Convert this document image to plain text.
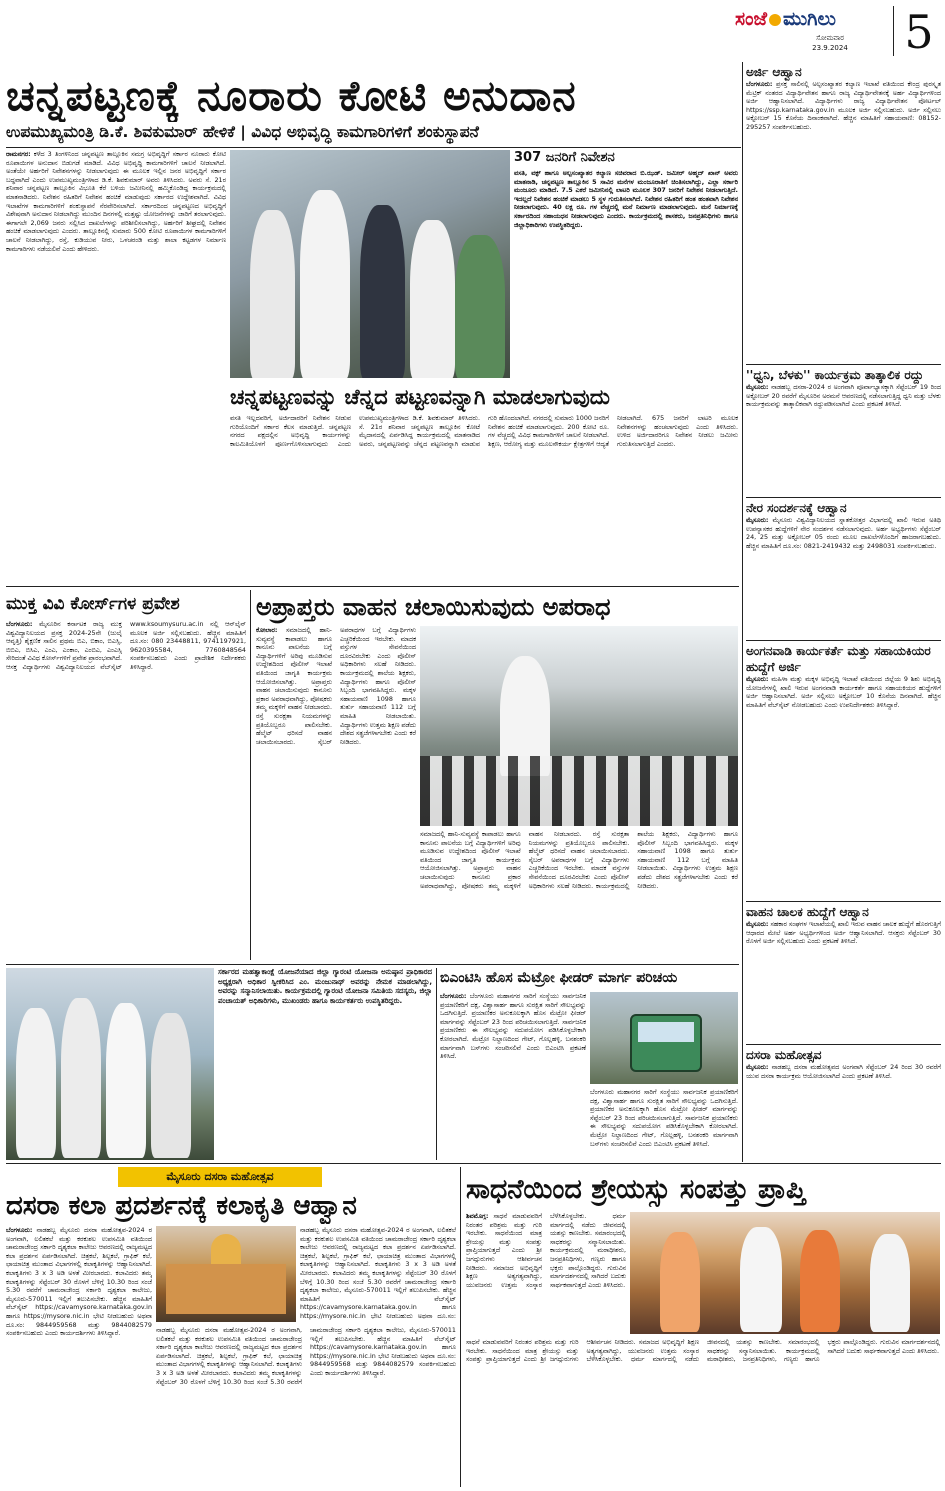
ಸಂಜೆ ಮುಗಿಲು
ಸೋಮವಾರ
23.9.2024	5
ಚನ್ನಪಟ್ಟಣಕ್ಕೆ ನೂರಾರು ಕೋಟಿ ಅನುದಾನ
ಉಪಮುಖ್ಯಮಂತ್ರಿ ಡಿ.ಕೆ. ಶಿವಕುಮಾರ್ ಹೇಳಿಕೆ | ವಿವಿಧ ಅಭಿವೃದ್ಧಿ ಕಾಮಗಾರಿಗಳಿಗೆ ಶಂಕುಸ್ಥಾಪನೆ
ರಾಮನಗರ: ಕಳೆದ 3 ತಿಂಗಳಿನಿಂದ ಚನ್ನಪಟ್ಟಣ ತಾಲ್ಲೂಕಿನ ಸಮಗ್ರ ಅಭಿವೃದ್ಧಿಗೆ ಸರ್ಕಾರ ನೂರಾರು ಕೋಟಿ ರೂಪಾಯಿಗಳ ಅನುದಾನ ಬಿಡುಗಡೆ ಮಾಡಿದೆ. ವಿವಿಧ ಅಭಿವೃದ್ಧಿ ಕಾಮಗಾರಿಗಳಿಗೆ ಚಾಲನೆ ನೀಡಲಾಗಿದೆ. ಅಂತೆಯೇ ಅರ್ಹರಿಗೆ ನಿವೇಶನಗಳನ್ನು ನೀಡಲಾಗುವುದು ಈ ಮೂಲಕ ಇಲ್ಲಿನ ಜನರ ಅಭಿವೃದ್ಧಿಗೆ ಸರ್ಕಾರ ಬದ್ಧವಾಗಿದೆ ಎಂದು ಉಪಮುಖ್ಯಮಂತ್ರಿಗಳಾದ ಡಿ.ಕೆ. ಶಿವಕುಮಾರ್ ಅವರು ತಿಳಿಸಿದರು. ಅವರು ಸೆ. 21ರ ಶನಿವಾರ ಚನ್ನಪಟ್ಟಣ ತಾಲ್ಲೂಕಿನ ವಿಭೂತಿ ಕೆರೆ ಬಳಿಯ ಜಮೀನಿನಲ್ಲಿ ಹಮ್ಮಿಕೊಂಡಿದ್ದ ಕಾರ್ಯಕ್ರಮದಲ್ಲಿ ಮಾತನಾಡಿದರು. ನಿವೇಶನ ರಹಿತರಿಗೆ ನಿವೇಶನ ಹಂಚಿಕೆ ಮಾಡುವುದು ಸರ್ಕಾರದ ಉದ್ದೇಶವಾಗಿದೆ. ವಿವಿಧ ಇಲಾಖೆಗಳ ಕಾಮಗಾರಿಗಳಿಗೆ ಶಂಕುಸ್ಥಾಪನೆ ನೆರವೇರಿಸಲಾಗಿದೆ. ಸರ್ಕಾರದಿಂದ ಚನ್ನಪಟ್ಟಣದ ಅಭಿವೃದ್ಧಿಗೆ ವಿಶೇಷವಾಗಿ ಅನುದಾನ ನೀಡಲಾಗಿದ್ದು ಮುಂದಿನ ದಿನಗಳಲ್ಲಿ ಮತ್ತಷ್ಟು ಯೋಜನೆಗಳನ್ನು ಜಾರಿಗೆ ತರಲಾಗುವುದು. ಈಗಾಗಲೇ 2,069 ಜನರು ಸಲ್ಲಿಸಿದ ದಾಖಲೆಗಳನ್ನು ಪರಿಶೀಲಿಸಲಾಗಿದ್ದು, ಅರ್ಹರಿಗೆ ಶೀಘ್ರದಲ್ಲಿ ನಿವೇಶನ ಹಂಚಿಕೆ ಮಾಡಲಾಗುವುದು ಎಂದರು. ತಾಲ್ಲೂಕಿನಲ್ಲಿ ಸುಮಾರು 500 ಕೋಟಿ ರೂಪಾಯಿಗಳ ಕಾಮಗಾರಿಗಳಿಗೆ ಚಾಲನೆ ನೀಡಲಾಗಿದ್ದು, ರಸ್ತೆ, ಕುಡಿಯುವ ನೀರು, ಒಳಚರಂಡಿ ಮತ್ತು ಶಾಲಾ ಕಟ್ಟಡಗಳ ನಿರ್ಮಾಣ ಕಾಮಗಾರಿಗಳು ನಡೆಯಲಿವೆ ಎಂದು ಹೇಳಿದರು.
307 ಜನರಿಗೆ ನಿವೇಶನ
ವಸತಿ, ವಕ್ಫ್ ಹಾಗೂ ಅಲ್ಪಸಂಖ್ಯಾತರ ಕಲ್ಯಾಣ ಸಚಿವರಾದ ಬಿ.ಝಡ್. ಜಮೀರ್ ಅಹ್ಮದ್ ಖಾನ್ ಅವರು ಮಾತನಾಡಿ, ಚನ್ನಪಟ್ಟಣ ತಾಲ್ಲೂಕಿನ 5 ಸಾವಿರ ಮನೆಗಳ ಮಂಜೂರಾತಿಗೆ ಚಿಂತಿಸಲಾಗಿದ್ದು, ಎಲ್ಲಾ ಸರ್ಕಾರಿ ಮಂಜೂರು ಮಾಡಿದೆ. 7.5 ಎಕರೆ ಜಮೀನಿನಲ್ಲಿ ಲಾಟರಿ ಮೂಲಕ 307 ಜನರಿಗೆ ನಿವೇಶನ ನೀಡಲಾಗುತ್ತಿದೆ. ಇದಲ್ಲದೆ ನಿವೇಶನ ಹಂಚಿಕೆ ಮಾಡಲು 5 ಸ್ಥಳ ಗುರುತಿಸಲಾಗಿದೆ. ನಿವೇಶನ ರಹಿತರಿಗೆ ಹಂತ ಹಂತವಾಗಿ ನಿವೇಶನ ನೀಡಲಾಗುವುದು. 40 ಲಕ್ಷ ರೂ. ಗಳ ವೆಚ್ಚದಲ್ಲಿ ಮನೆ ನಿರ್ಮಾಣ ಮಾಡಲಾಗುವುದು. ಮನೆ ನಿರ್ಮಾಣಕ್ಕೆ ಸರ್ಕಾರದಿಂದ ಸಹಾಯಧನ ನೀಡಲಾಗುವುದು ಎಂದರು. ಕಾರ್ಯಕ್ರಮದಲ್ಲಿ ಶಾಸಕರು, ಜನಪ್ರತಿನಿಧಿಗಳು ಹಾಗೂ ಜಿಲ್ಲಾಧಿಕಾರಿಗಳು ಉಪಸ್ಥಿತರಿದ್ದರು.
ಚನ್ನಪಟ್ಟಣವನ್ನು ಚೆನ್ನದ ಪಟ್ಟಣವನ್ನಾಗಿ ಮಾಡಲಾಗುವುದು
ವಸತಿ ಇಲ್ಲದವರಿಗೆ, ಅರ್ಜಿದಾರರಿಗೆ ನಿವೇಶನ ನೀಡುವ ಗುರಿಯೊಂದಿಗೆ ಸರ್ಕಾರ ಕೆಲಸ ಮಾಡುತ್ತಿದೆ. ಚನ್ನಪಟ್ಟಣ ನಗರದ ಪಕ್ಷದಲ್ಲಿನ ಅಭಿವೃದ್ಧಿ ಕಾರ್ಯಗಳನ್ನು ಕಾಲಮಿತಿಯೊಳಗೆ ಪೂರ್ಣಗೊಳಿಸಲಾಗುವುದು ಎಂದು ಉಪಮುಖ್ಯಮಂತ್ರಿಗಳಾದ ಡಿ.ಕೆ. ಶಿವಕುಮಾರ್ ತಿಳಿಸಿದರು. ಸೆ. 21ರ ಶನಿವಾರ ಚನ್ನಪಟ್ಟಣ ತಾಲ್ಲೂಕಿನ ಕೋಟೆ ಮೈದಾನದಲ್ಲಿ ಏರ್ಪಡಿಸಿದ್ದ ಕಾರ್ಯಕ್ರಮದಲ್ಲಿ ಮಾತನಾಡಿದ ಅವರು, ಚನ್ನಪಟ್ಟಣವನ್ನು ಚೆನ್ನದ ಪಟ್ಟಣವನ್ನಾಗಿ ಮಾಡುವ ಗುರಿ ಹೊಂದಲಾಗಿದೆ. ನಗರದಲ್ಲಿ ಸುಮಾರು 1000 ಜನರಿಗೆ ನಿವೇಶನ ಹಂಚಿಕೆ ಮಾಡಲಾಗುವುದು. 200 ಕೋಟಿ ರೂ. ಗಳ ವೆಚ್ಚದಲ್ಲಿ ವಿವಿಧ ಕಾಮಗಾರಿಗಳಿಗೆ ಚಾಲನೆ ನೀಡಲಾಗಿದೆ. ಶಿಕ್ಷಣ, ಆರೋಗ್ಯ ಮತ್ತು ಮೂಲಸೌಕರ್ಯ ಕ್ಷೇತ್ರಗಳಿಗೆ ಆದ್ಯತೆ ನೀಡಲಾಗಿದೆ. 675 ಜನರಿಗೆ ಲಾಟರಿ ಮೂಲಕ ನಿವೇಶನಗಳನ್ನು ಹಂಚಲಾಗುವುದು ಎಂದು ತಿಳಿಸಿದರು. ಉಳಿದ ಅರ್ಜಿದಾರರಿಗೂ ನಿವೇಶನ ನೀಡಲು ಜಮೀನು ಗುರುತಿಸಲಾಗುತ್ತಿದೆ ಎಂದರು.
ಅರ್ಜಿ ಆಹ್ವಾನ
ಬೆಂಗಳೂರು: ಪ್ರಸಕ್ತ ಸಾಲಿನಲ್ಲಿ ಅಲ್ಪಸಂಖ್ಯಾತರ ಕಲ್ಯಾಣ ಇಲಾಖೆ ವತಿಯಿಂದ ಕೇಂದ್ರ ಪುರಸ್ಕೃತ ಮೆಟ್ರಿಕ್ ನಂತರದ ವಿದ್ಯಾರ್ಥಿವೇತನ ಹಾಗೂ ರಾಜ್ಯ ವಿದ್ಯಾರ್ಥಿವೇತನಕ್ಕೆ ಅರ್ಹ ವಿದ್ಯಾರ್ಥಿಗಳಿಂದ ಅರ್ಜಿ ಆಹ್ವಾನಿಸಲಾಗಿದೆ. ವಿದ್ಯಾರ್ಥಿಗಳು ರಾಜ್ಯ ವಿದ್ಯಾರ್ಥಿವೇತನ ಪೋರ್ಟಲ್ https://ssp.karnataka.gov.in ಮೂಲಕ ಅರ್ಜಿ ಸಲ್ಲಿಸಬಹುದು. ಅರ್ಜಿ ಸಲ್ಲಿಸಲು ಅಕ್ಟೋಬರ್ 15 ಕೊನೆಯ ದಿನಾಂಕವಾಗಿದೆ. ಹೆಚ್ಚಿನ ಮಾಹಿತಿಗೆ ಸಹಾಯವಾಣಿ: 08152-295257 ಸಂಪರ್ಕಿಸಬಹುದು.
''ಧ್ವನಿ, ಬೆಳಕು'' ಕಾರ್ಯಕ್ರಮ ತಾತ್ಕಾಲಿಕ ರದ್ದು
ಮೈಸೂರು: ನಾಡಹಬ್ಬ ದಸರಾ-2024 ರ ಅಂಗವಾಗಿ ಪೂರ್ವಾಭ್ಯಾಸಕ್ಕಾಗಿ ಸೆಪ್ಟೆಂಬರ್ 19 ರಿಂದ ಅಕ್ಟೋಬರ್ 20 ರವರೆಗೆ ಮೈಸೂರಿನ ಅರಮನೆ ಆವರಣದಲ್ಲಿ ನಡೆಸಲಾಗುತ್ತಿದ್ದ ಧ್ವನಿ ಮತ್ತು ಬೆಳಕು ಕಾರ್ಯಕ್ರಮವನ್ನು ತಾತ್ಕಾಲಿಕವಾಗಿ ರದ್ದುಪಡಿಸಲಾಗಿದೆ ಎಂದು ಪ್ರಕಟಣೆ ತಿಳಿಸಿದೆ.
ನೇರ ಸಂದರ್ಶನಕ್ಕೆ ಆಹ್ವಾನ
ಮೈಸೂರು: ಮೈಸೂರು ವಿಶ್ವವಿದ್ಯಾನಿಲಯದ ಸ್ನಾತಕೋತ್ತರ ವಿಭಾಗದಲ್ಲಿ ಖಾಲಿ ಇರುವ ಅತಿಥಿ ಉಪನ್ಯಾಸಕರ ಹುದ್ದೆಗಳಿಗೆ ನೇರ ಸಂದರ್ಶನ ನಡೆಸಲಾಗುವುದು. ಅರ್ಹ ಅಭ್ಯರ್ಥಿಗಳು ಸೆಪ್ಟೆಂಬರ್ 24, 25 ಮತ್ತು ಅಕ್ಟೋಬರ್ 05 ರಂದು ಮೂಲ ದಾಖಲೆಗಳೊಂದಿಗೆ ಹಾಜರಾಗಬಹುದು. ಹೆಚ್ಚಿನ ಮಾಹಿತಿಗೆ ದೂ.ಸಂ: 0821-2419432 ಮತ್ತು 2498031 ಸಂಪರ್ಕಿಸಬಹುದು.
ಅಂಗನವಾಡಿ ಕಾರ್ಯಕರ್ತೆ ಮತ್ತು ಸಹಾಯಕಿಯರ ಹುದ್ದೆಗೆ ಅರ್ಜಿ
ಮೈಸೂರು: ಮಹಿಳಾ ಮತ್ತು ಮಕ್ಕಳ ಅಭಿವೃದ್ಧಿ ಇಲಾಖೆ ವತಿಯಿಂದ ಜಿಲ್ಲೆಯ 9 ಶಿಶು ಅಭಿವೃದ್ಧಿ ಯೋಜನೆಗಳಲ್ಲಿ ಖಾಲಿ ಇರುವ ಅಂಗನವಾಡಿ ಕಾರ್ಯಕರ್ತೆ ಹಾಗೂ ಸಹಾಯಕಿಯರ ಹುದ್ದೆಗಳಿಗೆ ಅರ್ಜಿ ಆಹ್ವಾನಿಸಲಾಗಿದೆ. ಅರ್ಜಿ ಸಲ್ಲಿಸಲು ಅಕ್ಟೋಬರ್ 10 ಕೊನೆಯ ದಿನವಾಗಿದೆ. ಹೆಚ್ಚಿನ ಮಾಹಿತಿಗೆ ವೆಬ್‌ಸೈಟ್ ನೋಡಬಹುದು ಎಂದು ಉಪನಿರ್ದೇಶಕರು ತಿಳಿಸಿದ್ದಾರೆ.
ವಾಹನ ಚಾಲಕ ಹುದ್ದೆಗೆ ಆಹ್ವಾನ
ಮೈಸೂರು: ಸಹಕಾರ ಸಂಘಗಳ ಇಲಾಖೆಯಲ್ಲಿ ಖಾಲಿ ಇರುವ ವಾಹನ ಚಾಲಕ ಹುದ್ದೆಗೆ ಹೊರಗುತ್ತಿಗೆ ಆಧಾರದ ಮೇಲೆ ಅರ್ಹ ಅಭ್ಯರ್ಥಿಗಳಿಂದ ಅರ್ಜಿ ಆಹ್ವಾನಿಸಲಾಗಿದೆ. ಆಸಕ್ತರು ಸೆಪ್ಟೆಂಬರ್ 30 ರೊಳಗೆ ಅರ್ಜಿ ಸಲ್ಲಿಸಬಹುದು ಎಂದು ಪ್ರಕಟಣೆ ತಿಳಿಸಿದೆ.
ದಸರಾ ಮಹೋತ್ಸವ
ಮೈಸೂರು: ನಾಡಹಬ್ಬ ದಸರಾ ಮಹೋತ್ಸವದ ಅಂಗವಾಗಿ ಸೆಪ್ಟೆಂಬರ್ 24 ರಿಂದ 30 ರವರೆಗೆ ಯುವ ದಸರಾ ಕಾರ್ಯಕ್ರಮ ಆಯೋಜಿಸಲಾಗಿದೆ ಎಂದು ಪ್ರಕಟಣೆ ತಿಳಿಸಿದೆ.
ಮುಕ್ತ ವಿವಿ ಕೋರ್ಸ್‌ಗಳ ಪ್ರವೇಶ
ಬೆಂಗಳೂರು: ಮೈಸೂರಿನ ಕರ್ನಾಟಕ ರಾಜ್ಯ ಮುಕ್ತ ವಿಶ್ವವಿದ್ಯಾನಿಲಯದ ಪ್ರಸಕ್ತ 2024-25ನೇ (ಜುಲೈ ಆವೃತ್ತಿ) ಶೈಕ್ಷಣಿಕ ಸಾಲಿನ ಪ್ರಥಮ ಬಿಎ, ಬಿಕಾಂ, ಬಿಎಸ್ಸಿ, ಬಿಬಿಎ, ಬಿಸಿಎ, ಎಂಎ, ಎಂಕಾಂ, ಎಂಬಿಎ, ಎಂಎಸ್ಸಿ ಸೇರಿದಂತೆ ವಿವಿಧ ಕೋರ್ಸ್‌ಗಳಿಗೆ ಪ್ರವೇಶ ಪ್ರಾರಂಭವಾಗಿದೆ. ಆಸಕ್ತ ವಿದ್ಯಾರ್ಥಿಗಳು ವಿಶ್ವವಿದ್ಯಾನಿಲಯದ ವೆಬ್‌ಸೈಟ್ www.ksoumysuru.ac.in ನಲ್ಲಿ ಆನ್‌ಲೈನ್ ಮೂಲಕ ಅರ್ಜಿ ಸಲ್ಲಿಸಬಹುದು. ಹೆಚ್ಚಿನ ಮಾಹಿತಿಗೆ ದೂ.ಸಂ: 080 23448811, 9741197921, 9620395584, 7760848564 ಸಂಪರ್ಕಿಸಬಹುದು ಎಂದು ಪ್ರಾದೇಶಿಕ ನಿರ್ದೇಶಕರು ತಿಳಿಸಿದ್ದಾರೆ.
ಅಪ್ರಾಪ್ತರು ವಾಹನ ಚಲಾಯಿಸುವುದು ಅಪರಾಧ
ಕೋಲಾರ: ಸಮಾಜದಲ್ಲಿ ಹಾನಿ-ಸುವ್ಯವಸ್ಥೆ ಕಾಪಾಡಲು ಹಾಗೂ ಕಾನೂನು ಪಾಲನೆಯ ಬಗ್ಗೆ ವಿದ್ಯಾರ್ಥಿಗಳಿಗೆ ಅರಿವು ಮೂಡಿಸುವ ಉದ್ದೇಶದಿಂದ ಪೊಲೀಸ್ ಇಲಾಖೆ ವತಿಯಿಂದ ಜಾಗೃತಿ ಕಾರ್ಯಕ್ರಮ ಆಯೋಜಿಸಲಾಗಿತ್ತು. ಅಪ್ರಾಪ್ತರು ವಾಹನ ಚಲಾಯಿಸುವುದು ಕಾನೂನು ಪ್ರಕಾರ ಅಪರಾಧವಾಗಿದ್ದು, ಪೋಷಕರು ತಮ್ಮ ಮಕ್ಕಳಿಗೆ ವಾಹನ ನೀಡಬಾರದು. ರಸ್ತೆ ಸುರಕ್ಷತಾ ನಿಯಮಗಳನ್ನು ಪ್ರತಿಯೊಬ್ಬರೂ ಪಾಲಿಸಬೇಕು. ಹೆಲ್ಮೆಟ್ ಧರಿಸದೆ ವಾಹನ ಚಲಾಯಿಸಬಾರದು. ಸೈಬರ್ ಅಪರಾಧಗಳ ಬಗ್ಗೆ ವಿದ್ಯಾರ್ಥಿಗಳು ಎಚ್ಚರಿಕೆಯಿಂದ ಇರಬೇಕು. ಮಾದಕ ವಸ್ತುಗಳ ಸೇವನೆಯಿಂದ ದೂರವಿರಬೇಕು ಎಂದು ಪೊಲೀಸ್ ಅಧಿಕಾರಿಗಳು ಸಲಹೆ ನೀಡಿದರು. ಕಾರ್ಯಕ್ರಮದಲ್ಲಿ ಶಾಲೆಯ ಶಿಕ್ಷಕರು, ವಿದ್ಯಾರ್ಥಿಗಳು ಹಾಗೂ ಪೊಲೀಸ್ ಸಿಬ್ಬಂದಿ ಭಾಗವಹಿಸಿದ್ದರು. ಮಕ್ಕಳ ಸಹಾಯವಾಣಿ 1098 ಹಾಗೂ ತುರ್ತು ಸಹಾಯವಾಣಿ 112 ಬಗ್ಗೆ ಮಾಹಿತಿ ನೀಡಲಾಯಿತು. ವಿದ್ಯಾರ್ಥಿಗಳು ಉತ್ತಮ ಶಿಕ್ಷಣ ಪಡೆದು ದೇಶದ ಸತ್ಪ್ರಜೆಗಳಾಗಬೇಕು ಎಂದು ಕರೆ ನೀಡಿದರು.
ಸಮಾಜದಲ್ಲಿ ಹಾನಿ-ಸುವ್ಯವಸ್ಥೆ ಕಾಪಾಡಲು ಹಾಗೂ ಕಾನೂನು ಪಾಲನೆಯ ಬಗ್ಗೆ ವಿದ್ಯಾರ್ಥಿಗಳಿಗೆ ಅರಿವು ಮೂಡಿಸುವ ಉದ್ದೇಶದಿಂದ ಪೊಲೀಸ್ ಇಲಾಖೆ ವತಿಯಿಂದ ಜಾಗೃತಿ ಕಾರ್ಯಕ್ರಮ ಆಯೋಜಿಸಲಾಗಿತ್ತು. ಅಪ್ರಾಪ್ತರು ವಾಹನ ಚಲಾಯಿಸುವುದು ಕಾನೂನು ಪ್ರಕಾರ ಅಪರಾಧವಾಗಿದ್ದು, ಪೋಷಕರು ತಮ್ಮ ಮಕ್ಕಳಿಗೆ ವಾಹನ ನೀಡಬಾರದು. ರಸ್ತೆ ಸುರಕ್ಷತಾ ನಿಯಮಗಳನ್ನು ಪ್ರತಿಯೊಬ್ಬರೂ ಪಾಲಿಸಬೇಕು. ಹೆಲ್ಮೆಟ್ ಧರಿಸದೆ ವಾಹನ ಚಲಾಯಿಸಬಾರದು. ಸೈಬರ್ ಅಪರಾಧಗಳ ಬಗ್ಗೆ ವಿದ್ಯಾರ್ಥಿಗಳು ಎಚ್ಚರಿಕೆಯಿಂದ ಇರಬೇಕು. ಮಾದಕ ವಸ್ತುಗಳ ಸೇವನೆಯಿಂದ ದೂರವಿರಬೇಕು ಎಂದು ಪೊಲೀಸ್ ಅಧಿಕಾರಿಗಳು ಸಲಹೆ ನೀಡಿದರು. ಕಾರ್ಯಕ್ರಮದಲ್ಲಿ ಶಾಲೆಯ ಶಿಕ್ಷಕರು, ವಿದ್ಯಾರ್ಥಿಗಳು ಹಾಗೂ ಪೊಲೀಸ್ ಸಿಬ್ಬಂದಿ ಭಾಗವಹಿಸಿದ್ದರು. ಮಕ್ಕಳ ಸಹಾಯವಾಣಿ 1098 ಹಾಗೂ ತುರ್ತು ಸಹಾಯವಾಣಿ 112 ಬಗ್ಗೆ ಮಾಹಿತಿ ನೀಡಲಾಯಿತು. ವಿದ್ಯಾರ್ಥಿಗಳು ಉತ್ತಮ ಶಿಕ್ಷಣ ಪಡೆದು ದೇಶದ ಸತ್ಪ್ರಜೆಗಳಾಗಬೇಕು ಎಂದು ಕರೆ ನೀಡಿದರು.
ಸರ್ಕಾರದ ಮಹತ್ವಾಕಾಂಕ್ಷೆ ಯೋಜನೆಯಾದ ಜಿಲ್ಲಾ ಗ್ಯಾರಂಟಿ ಯೋಜನಾ ಅನುಷ್ಠಾನ ಪ್ರಾಧಿಕಾರದ ಅಧ್ಯಕ್ಷರಾಗಿ ಅಧಿಕಾರ ಸ್ವೀಕರಿಸಿದ ಎಂ. ಮಂಜುನಾಥ್ ಅವರನ್ನು ನೇಮಕ ಮಾಡಲಾಗಿದ್ದು, ಅವರನ್ನು ಸನ್ಮಾನಿಸಲಾಯಿತು. ಕಾರ್ಯಕ್ರಮದಲ್ಲಿ ಗ್ಯಾರಂಟಿ ಯೋಜನಾ ಸಮಿತಿಯ ಸದಸ್ಯರು, ಜಿಲ್ಲಾ ಪಂಚಾಯತ್ ಅಧಿಕಾರಿಗಳು, ಮುಖಂಡರು ಹಾಗೂ ಕಾರ್ಯಕರ್ತರು ಉಪಸ್ಥಿತರಿದ್ದರು.
ಬಿಎಂಟಿಸಿ ಹೊಸ ಮೆಟ್ರೋ ಫೀಡರ್ ಮಾರ್ಗ ಪರಿಚಯ
ಬೆಂಗಳೂರು: ಬೆಂಗಳೂರು ಮಹಾನಗರ ಸಾರಿಗೆ ಸಂಸ್ಥೆಯು ಸಾರ್ವಜನಿಕ ಪ್ರಯಾಣಿಕರಿಗೆ ದಕ್ಷ, ವಿಶ್ವಾಸಾರ್ಹ ಹಾಗೂ ಸುರಕ್ಷಿತ ಸಾರಿಗೆ ಸೌಲಭ್ಯವನ್ನು ಒದಗಿಸುತ್ತಿದೆ. ಪ್ರಯಾಣಿಕರ ಅನುಕೂಲಕ್ಕಾಗಿ ಹೊಸ ಮೆಟ್ರೋ ಫೀಡರ್ ಮಾರ್ಗವನ್ನು ಸೆಪ್ಟೆಂಬರ್ 23 ರಿಂದ ಪರಿಚಯಿಸಲಾಗುತ್ತಿದೆ. ಸಾರ್ವಜನಿಕ ಪ್ರಯಾಣಿಕರು ಈ ಸೌಲಭ್ಯವನ್ನು ಸದುಪಯೋಗ ಪಡಿಸಿಕೊಳ್ಳಬೇಕಾಗಿ ಕೋರಲಾಗಿದೆ. ಮೆಟ್ರೋ ನಿಲ್ದಾಣದಿಂದ ಗೇಟ್, ಗೊಲ್ಲಹಳ್ಳಿ, ಬನಶಂಕರಿ ಮಾರ್ಗವಾಗಿ ಬಸ್‌ಗಳು ಸಂಚರಿಸಲಿವೆ ಎಂದು ಬಿಎಂಟಿಸಿ ಪ್ರಕಟಣೆ ತಿಳಿಸಿದೆ.
ಬೆಂಗಳೂರು ಮಹಾನಗರ ಸಾರಿಗೆ ಸಂಸ್ಥೆಯು ಸಾರ್ವಜನಿಕ ಪ್ರಯಾಣಿಕರಿಗೆ ದಕ್ಷ, ವಿಶ್ವಾಸಾರ್ಹ ಹಾಗೂ ಸುರಕ್ಷಿತ ಸಾರಿಗೆ ಸೌಲಭ್ಯವನ್ನು ಒದಗಿಸುತ್ತಿದೆ. ಪ್ರಯಾಣಿಕರ ಅನುಕೂಲಕ್ಕಾಗಿ ಹೊಸ ಮೆಟ್ರೋ ಫೀಡರ್ ಮಾರ್ಗವನ್ನು ಸೆಪ್ಟೆಂಬರ್ 23 ರಿಂದ ಪರಿಚಯಿಸಲಾಗುತ್ತಿದೆ. ಸಾರ್ವಜನಿಕ ಪ್ರಯಾಣಿಕರು ಈ ಸೌಲಭ್ಯವನ್ನು ಸದುಪಯೋಗ ಪಡಿಸಿಕೊಳ್ಳಬೇಕಾಗಿ ಕೋರಲಾಗಿದೆ. ಮೆಟ್ರೋ ನಿಲ್ದಾಣದಿಂದ ಗೇಟ್, ಗೊಲ್ಲಹಳ್ಳಿ, ಬನಶಂಕರಿ ಮಾರ್ಗವಾಗಿ ಬಸ್‌ಗಳು ಸಂಚರಿಸಲಿವೆ ಎಂದು ಬಿಎಂಟಿಸಿ ಪ್ರಕಟಣೆ ತಿಳಿಸಿದೆ.
ಮೈಸೂರು ದಸರಾ ಮಹೋತ್ಸವ
ದಸರಾ ಕಲಾ ಪ್ರದರ್ಶನಕ್ಕೆ ಕಲಾಕೃತಿ ಆಹ್ವಾನ
ಬೆಂಗಳೂರು: ನಾಡಹಬ್ಬ ಮೈಸೂರು ದಸರಾ ಮಹೋತ್ಸವ-2024 ರ ಅಂಗವಾಗಿ, ಲಲಿತಕಲೆ ಮತ್ತು ಕರಕುಶಲ ಉಪಸಮಿತಿ ವತಿಯಿಂದ ಚಾಮರಾಜೇಂದ್ರ ಸರ್ಕಾರಿ ದೃಶ್ಯಕಲಾ ಕಾಲೇಜು ಆವರಣದಲ್ಲಿ ರಾಜ್ಯಮಟ್ಟದ ಕಲಾ ಪ್ರದರ್ಶನ ಏರ್ಪಡಿಸಲಾಗಿದೆ. ಚಿತ್ರಕಲೆ, ಶಿಲ್ಪಕಲೆ, ಗ್ರಾಫಿಕ್ ಕಲೆ, ಛಾಯಾಚಿತ್ರ ಮುಂತಾದ ವಿಭಾಗಗಳಲ್ಲಿ ಕಲಾಕೃತಿಗಳನ್ನು ಆಹ್ವಾನಿಸಲಾಗಿದೆ. ಕಲಾಕೃತಿಗಳು 3 x 3 ಅಡಿ ಅಳತೆ ಮೀರಬಾರದು. ಕಲಾವಿದರು ತಮ್ಮ ಕಲಾಕೃತಿಗಳನ್ನು ಸೆಪ್ಟೆಂಬರ್ 30 ರೊಳಗೆ ಬೆಳಿಗ್ಗೆ 10.30 ರಿಂದ ಸಂಜೆ 5.30 ರವರೆಗೆ ಚಾಮರಾಜೇಂದ್ರ ಸರ್ಕಾರಿ ದೃಶ್ಯಕಲಾ ಕಾಲೇಜು, ಮೈಸೂರು-570011 ಇಲ್ಲಿಗೆ ತಲುಪಿಸಬೇಕು. ಹೆಚ್ಚಿನ ಮಾಹಿತಿಗೆ ವೆಬ್‌ಸೈಟ್ https://cavamysore.karnataka.gov.in ಹಾಗೂ https://mysore.nic.in ಭೇಟಿ ನೀಡಬಹುದು ಅಥವಾ ದೂ.ಸಂ: 9844959568 ಮತ್ತು 9844082579 ಸಂಪರ್ಕಿಸಬಹುದು ಎಂದು ಕಾರ್ಯದರ್ಶಿಗಳು ತಿಳಿಸಿದ್ದಾರೆ.
ನಾಡಹಬ್ಬ ಮೈಸೂರು ದಸರಾ ಮಹೋತ್ಸವ-2024 ರ ಅಂಗವಾಗಿ, ಲಲಿತಕಲೆ ಮತ್ತು ಕರಕುಶಲ ಉಪಸಮಿತಿ ವತಿಯಿಂದ ಚಾಮರಾಜೇಂದ್ರ ಸರ್ಕಾರಿ ದೃಶ್ಯಕಲಾ ಕಾಲೇಜು ಆವರಣದಲ್ಲಿ ರಾಜ್ಯಮಟ್ಟದ ಕಲಾ ಪ್ರದರ್ಶನ ಏರ್ಪಡಿಸಲಾಗಿದೆ. ಚಿತ್ರಕಲೆ, ಶಿಲ್ಪಕಲೆ, ಗ್ರಾಫಿಕ್ ಕಲೆ, ಛಾಯಾಚಿತ್ರ ಮುಂತಾದ ವಿಭಾಗಗಳಲ್ಲಿ ಕಲಾಕೃತಿಗಳನ್ನು ಆಹ್ವಾನಿಸಲಾಗಿದೆ. ಕಲಾಕೃತಿಗಳು 3 x 3 ಅಡಿ ಅಳತೆ ಮೀರಬಾರದು. ಕಲಾವಿದರು ತಮ್ಮ ಕಲಾಕೃತಿಗಳನ್ನು ಸೆಪ್ಟೆಂಬರ್ 30 ರೊಳಗೆ ಬೆಳಿಗ್ಗೆ 10.30 ರಿಂದ ಸಂಜೆ 5.30 ರವರೆಗೆ ಚಾಮರಾಜೇಂದ್ರ ಸರ್ಕಾರಿ ದೃಶ್ಯಕಲಾ ಕಾಲೇಜು, ಮೈಸೂರು-570011 ಇಲ್ಲಿಗೆ ತಲುಪಿಸಬೇಕು. ಹೆಚ್ಚಿನ ಮಾಹಿತಿಗೆ ವೆಬ್‌ಸೈಟ್ https://cavamysore.karnataka.gov.in ಹಾಗೂ https://mysore.nic.in ಭೇಟಿ ನೀಡಬಹುದು ಅಥವಾ ದೂ.ಸಂ:
ನಾಡಹಬ್ಬ ಮೈಸೂರು ದಸರಾ ಮಹೋತ್ಸವ-2024 ರ ಅಂಗವಾಗಿ, ಲಲಿತಕಲೆ ಮತ್ತು ಕರಕುಶಲ ಉಪಸಮಿತಿ ವತಿಯಿಂದ ಚಾಮರಾಜೇಂದ್ರ ಸರ್ಕಾರಿ ದೃಶ್ಯಕಲಾ ಕಾಲೇಜು ಆವರಣದಲ್ಲಿ ರಾಜ್ಯಮಟ್ಟದ ಕಲಾ ಪ್ರದರ್ಶನ ಏರ್ಪಡಿಸಲಾಗಿದೆ. ಚಿತ್ರಕಲೆ, ಶಿಲ್ಪಕಲೆ, ಗ್ರಾಫಿಕ್ ಕಲೆ, ಛಾಯಾಚಿತ್ರ ಮುಂತಾದ ವಿಭಾಗಗಳಲ್ಲಿ ಕಲಾಕೃತಿಗಳನ್ನು ಆಹ್ವಾನಿಸಲಾಗಿದೆ. ಕಲಾಕೃತಿಗಳು 3 x 3 ಅಡಿ ಅಳತೆ ಮೀರಬಾರದು. ಕಲಾವಿದರು ತಮ್ಮ ಕಲಾಕೃತಿಗಳನ್ನು ಸೆಪ್ಟೆಂಬರ್ 30 ರೊಳಗೆ ಬೆಳಿಗ್ಗೆ 10.30 ರಿಂದ ಸಂಜೆ 5.30 ರವರೆಗೆ ಚಾಮರಾಜೇಂದ್ರ ಸರ್ಕಾರಿ ದೃಶ್ಯಕಲಾ ಕಾಲೇಜು, ಮೈಸೂರು-570011 ಇಲ್ಲಿಗೆ ತಲುಪಿಸಬೇಕು. ಹೆಚ್ಚಿನ ಮಾಹಿತಿಗೆ ವೆಬ್‌ಸೈಟ್ https://cavamysore.karnataka.gov.in ಹಾಗೂ https://mysore.nic.in ಭೇಟಿ ನೀಡಬಹುದು ಅಥವಾ ದೂ.ಸಂ: 9844959568 ಮತ್ತು 9844082579 ಸಂಪರ್ಕಿಸಬಹುದು ಎಂದು ಕಾರ್ಯದರ್ಶಿಗಳು ತಿಳಿಸಿದ್ದಾರೆ.
ಸಾಧನೆಯಿಂದ ಶ್ರೇಯಸ್ಸು ಸಂಪತ್ತು ಪ್ರಾಪ್ತಿ
ಶಿವಮೊಗ್ಗ: ಸಾಧನೆ ಮಾಡುವವರಿಗೆ ನಿರಂತರ ಪರಿಶ್ರಮ ಮತ್ತು ಗುರಿ ಇರಬೇಕು. ಸಾಧನೆಯಿಂದ ಮಾತ್ರ ಶ್ರೇಯಸ್ಸು ಮತ್ತು ಸಂಪತ್ತು ಪ್ರಾಪ್ತಿಯಾಗುತ್ತದೆ ಎಂದು ಶ್ರೀ ಜಗದ್ಗುರುಗಳು ಆಶೀರ್ವಚನ ನೀಡಿದರು. ಸಮಾಜದ ಅಭಿವೃದ್ಧಿಗೆ ಶಿಕ್ಷಣ ಅತ್ಯಗತ್ಯವಾಗಿದ್ದು, ಯುವಜನರು ಉತ್ತಮ ಸಂಸ್ಕಾರ ಬೆಳೆಸಿಕೊಳ್ಳಬೇಕು. ಧರ್ಮ ಮಾರ್ಗದಲ್ಲಿ ನಡೆದು ಜೀವನದಲ್ಲಿ ಯಶಸ್ಸು ಕಾಣಬೇಕು. ಸಮಾರಂಭದಲ್ಲಿ ಸಾಧಕರನ್ನು ಸನ್ಮಾನಿಸಲಾಯಿತು. ಕಾರ್ಯಕ್ರಮದಲ್ಲಿ ಮಠಾಧೀಶರು, ಜನಪ್ರತಿನಿಧಿಗಳು, ಗಣ್ಯರು ಹಾಗೂ ಭಕ್ತರು ಪಾಲ್ಗೊಂಡಿದ್ದರು. ಗುರುವಿನ ಮಾರ್ಗದರ್ಶನದಲ್ಲಿ ಸಾಗಿದರೆ ಬದುಕು ಸಾರ್ಥಕವಾಗುತ್ತದೆ ಎಂದು ತಿಳಿಸಿದರು.
ಸಾಧನೆ ಮಾಡುವವರಿಗೆ ನಿರಂತರ ಪರಿಶ್ರಮ ಮತ್ತು ಗುರಿ ಇರಬೇಕು. ಸಾಧನೆಯಿಂದ ಮಾತ್ರ ಶ್ರೇಯಸ್ಸು ಮತ್ತು ಸಂಪತ್ತು ಪ್ರಾಪ್ತಿಯಾಗುತ್ತದೆ ಎಂದು ಶ್ರೀ ಜಗದ್ಗುರುಗಳು ಆಶೀರ್ವಚನ ನೀಡಿದರು. ಸಮಾಜದ ಅಭಿವೃದ್ಧಿಗೆ ಶಿಕ್ಷಣ ಅತ್ಯಗತ್ಯವಾಗಿದ್ದು, ಯುವಜನರು ಉತ್ತಮ ಸಂಸ್ಕಾರ ಬೆಳೆಸಿಕೊಳ್ಳಬೇಕು. ಧರ್ಮ ಮಾರ್ಗದಲ್ಲಿ ನಡೆದು ಜೀವನದಲ್ಲಿ ಯಶಸ್ಸು ಕಾಣಬೇಕು. ಸಮಾರಂಭದಲ್ಲಿ ಸಾಧಕರನ್ನು ಸನ್ಮಾನಿಸಲಾಯಿತು. ಕಾರ್ಯಕ್ರಮದಲ್ಲಿ ಮಠಾಧೀಶರು, ಜನಪ್ರತಿನಿಧಿಗಳು, ಗಣ್ಯರು ಹಾಗೂ ಭಕ್ತರು ಪಾಲ್ಗೊಂಡಿದ್ದರು. ಗುರುವಿನ ಮಾರ್ಗದರ್ಶನದಲ್ಲಿ ಸಾಗಿದರೆ ಬದುಕು ಸಾರ್ಥಕವಾಗುತ್ತದೆ ಎಂದು ತಿಳಿಸಿದರು.
